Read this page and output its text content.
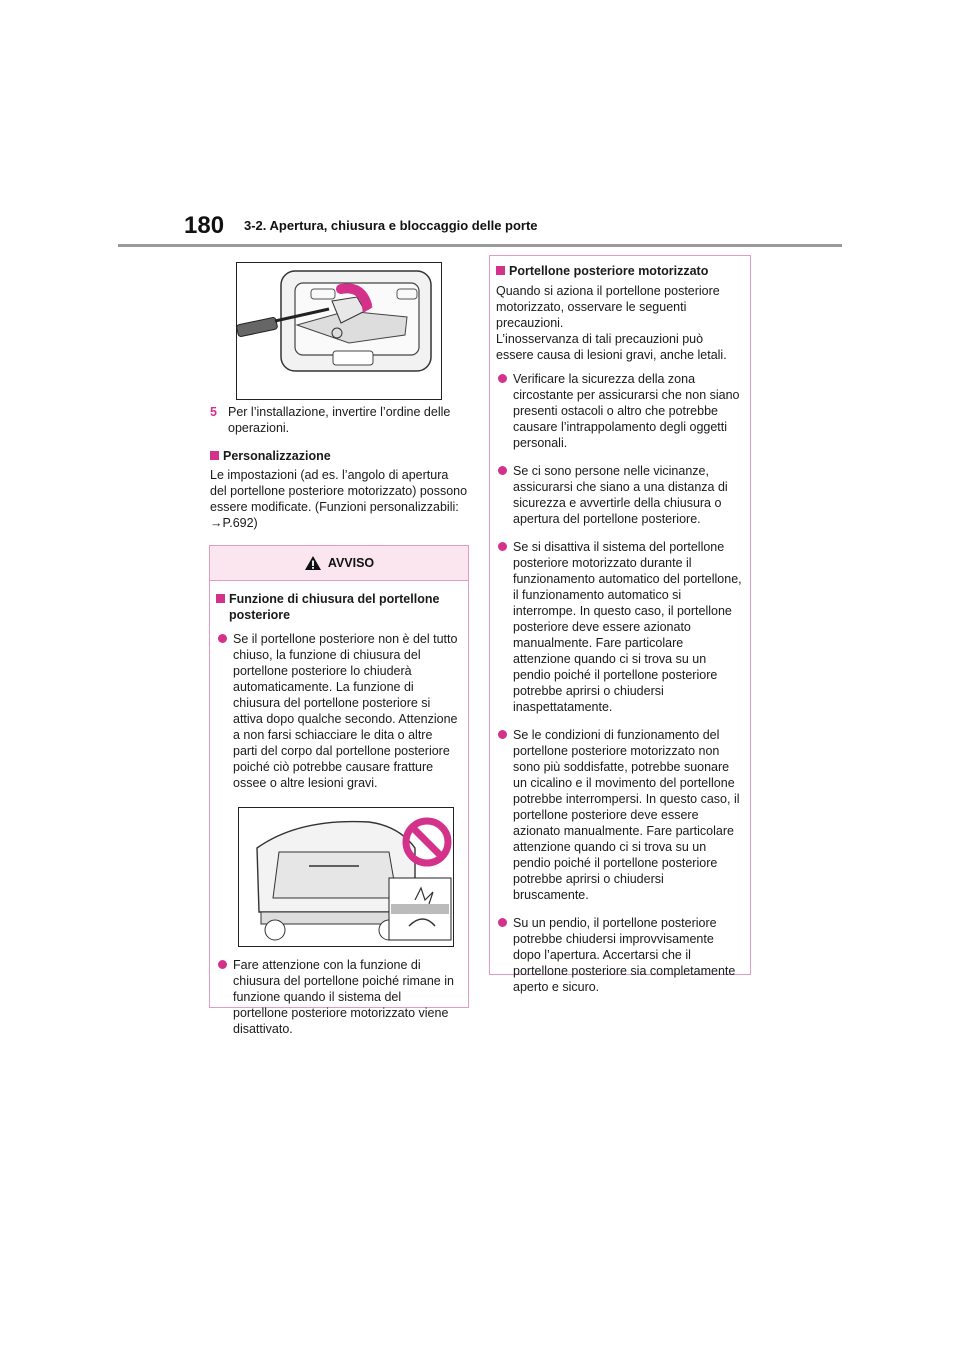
180 3-2. Apertura, chiusura e bloccaggio delle porte
5 Per l’installazione, invertire l’ordine delle operazioni.
Personalizzazione

Le impostazioni (ad es. l’angolo di apertura del portellone posteriore motorizzato) possono essere modificate. (Funzioni personalizzabili: →P.692)

AVVISO
Funzione di chiusura del portellone posteriore
Se il portellone posteriore non è del tutto chiuso, la funzione di chiusura del portellone posteriore lo chiuderà automaticamente. La funzione di chiusura del portellone posteriore si attiva dopo qualche secondo. Attenzione a non farsi schiacciare le dita o altre parti del corpo dal portellone posteriore poiché ciò potrebbe causare fratture ossee o altre lesioni gravi.
Fare attenzione con la funzione di chiusura del portellone poiché rimane in funzione quando il sistema del portellone posteriore motorizzato viene disattivato.
Portellone posteriore motorizzato

Quando si aziona il portellone posteriore motorizzato, osservare le seguenti precauzioni.

L’inosservanza di tali precauzioni può essere causa di lesioni gravi, anche letali.

Verificare la sicurezza della zona circostante per assicurarsi che non siano presenti ostacoli o altro che potrebbe causare l’intrappolamento degli oggetti personali.
Se ci sono persone nelle vicinanze, assicurarsi che siano a una distanza di sicurezza e avvertirle della chiusura o apertura del portellone posteriore.
Se si disattiva il sistema del portellone posteriore motorizzato durante il funzionamento automatico del portellone, il funzionamento automatico si interrompe. In questo caso, il portellone posteriore deve essere azionato manualmente. Fare particolare attenzione quando ci si trova su un pendio poiché il portellone posteriore potrebbe aprirsi o chiudersi inaspettatamente.
Se le condizioni di funzionamento del portellone posteriore motorizzato non sono più soddisfatte, potrebbe suonare un cicalino e il movimento del portellone potrebbe interrompersi. In questo caso, il portellone posteriore deve essere azionato manualmente. Fare particolare attenzione quando ci si trova su un pendio poiché il portellone posteriore potrebbe aprirsi o chiudersi bruscamente.
Su un pendio, il portellone posteriore potrebbe chiudersi improvvisamente dopo l’apertura. Accertarsi che il portellone posteriore sia completamente aperto e sicuro.
